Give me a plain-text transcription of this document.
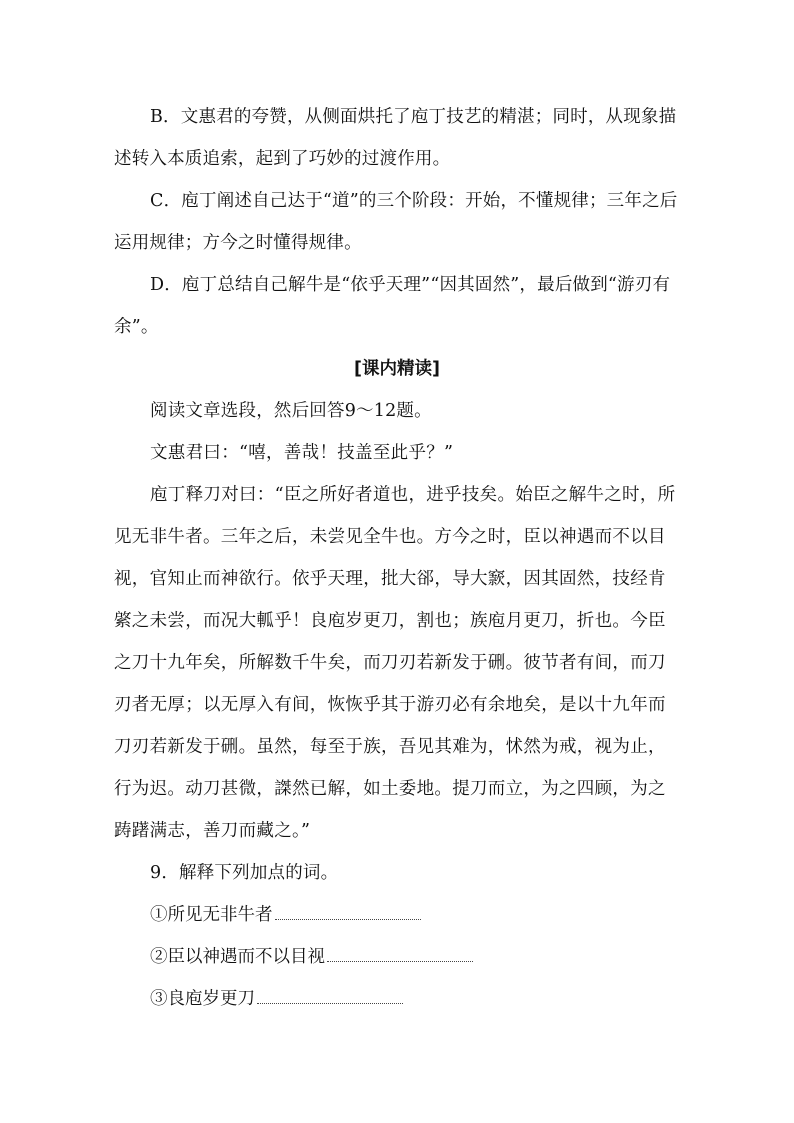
B．文惠君的夸赞，从侧面烘托了庖丁技艺的精湛；同时，从现象描述转入本质追索，起到了巧妙的过渡作用。

C．庖丁阐述自己达于“道”的三个阶段：开始，不懂规律；三年之后运用规律；方今之时懂得规律。

D．庖丁总结自己解牛是“依乎天理”“因其固然”，最后做到“游刃有余”。

[课内精读]

阅读文章选段，然后回答9～12题。

文惠君曰：“嘻，善哉！技盖至此乎？”

庖丁释刀对曰：“臣之所好者道也，进乎技矣。始臣之解牛之时，所见无非牛者。三年之后，未尝见全牛也。方今之时，臣以神遇而不以目视，官知止而神欲行。依乎天理，批大郤，导大窾，因其固然，技经肯綮之未尝，而况大軱乎！良庖岁更刀，割也；族庖月更刀，折也。今臣之刀十九年矣，所解数千牛矣，而刀刃若新发于硎。彼节者有间，而刀刃者无厚；以无厚入有间，恢恢乎其于游刃必有余地矣，是以十九年而刀刃若新发于硎。虽然，每至于族，吾见其难为，怵然为戒，视为止，行为迟。动刀甚微，謋然已解，如土委地。提刀而立，为之四顾，为之踌躇满志，善刀而藏之。”

9．解释下列加点的词。

①所见无非牛者

②臣以神遇而不以目视

③良庖岁更刀
